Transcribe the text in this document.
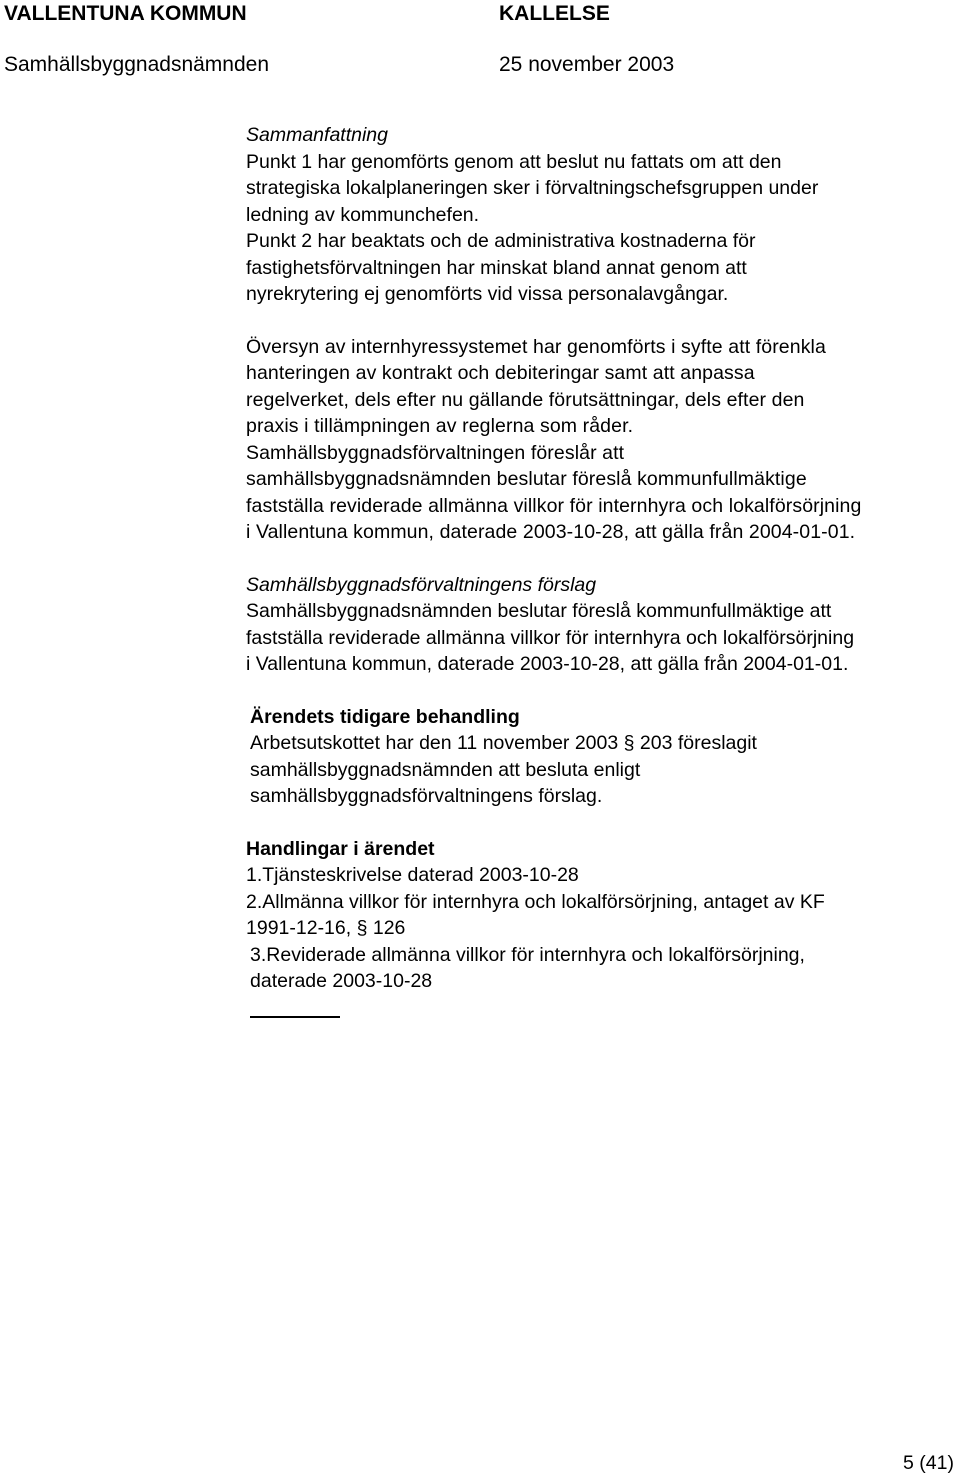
VALLENTUNA KOMMUN	KALLELSE
Samhällsbyggnadsnämnden	25 november 2003

Sammanfattning

Punkt 1 har genomförts genom att beslut nu fattats om att den

strategiska lokalplaneringen sker i förvaltningschefsgruppen under

ledning av kommunchefen.

Punkt 2 har beaktats och de administrativa kostnaderna för

fastighetsförvaltningen har minskat bland annat genom att

nyrekrytering ej genomförts vid vissa personalavgångar.

Översyn av internhyressystemet har genomförts i syfte att förenkla

hanteringen av kontrakt och debiteringar samt att anpassa

regelverket, dels efter nu gällande förutsättningar, dels efter den

praxis i tillämpningen av reglerna som råder.

Samhällsbyggnadsförvaltningen föreslår att

samhällsbyggnadsnämnden beslutar föreslå kommunfullmäktige

fastställa reviderade allmänna villkor för internhyra och lokalförsörjning

i Vallentuna kommun, daterade 2003-10-28, att gälla från 2004-01-01.

Samhällsbyggnadsförvaltningens förslag

Samhällsbyggnadsnämnden beslutar föreslå kommunfullmäktige att

fastställa reviderade allmänna villkor för internhyra och lokalförsörjning

i Vallentuna kommun, daterade 2003-10-28, att gälla från 2004-01-01.

Ärendets tidigare behandling

Arbetsutskottet har den 11 november 2003 § 203 föreslagit

samhällsbyggnadsnämnden att besluta enligt

samhällsbyggnadsförvaltningens förslag.

Handlingar i ärendet

1.Tjänsteskrivelse daterad 2003-10-28

2.Allmänna villkor för internhyra och lokalförsörjning, antaget av KF

1991-12-16, § 126

3.Reviderade allmänna villkor för internhyra och lokalförsörjning,

daterade 2003-10-28

5 (41)
